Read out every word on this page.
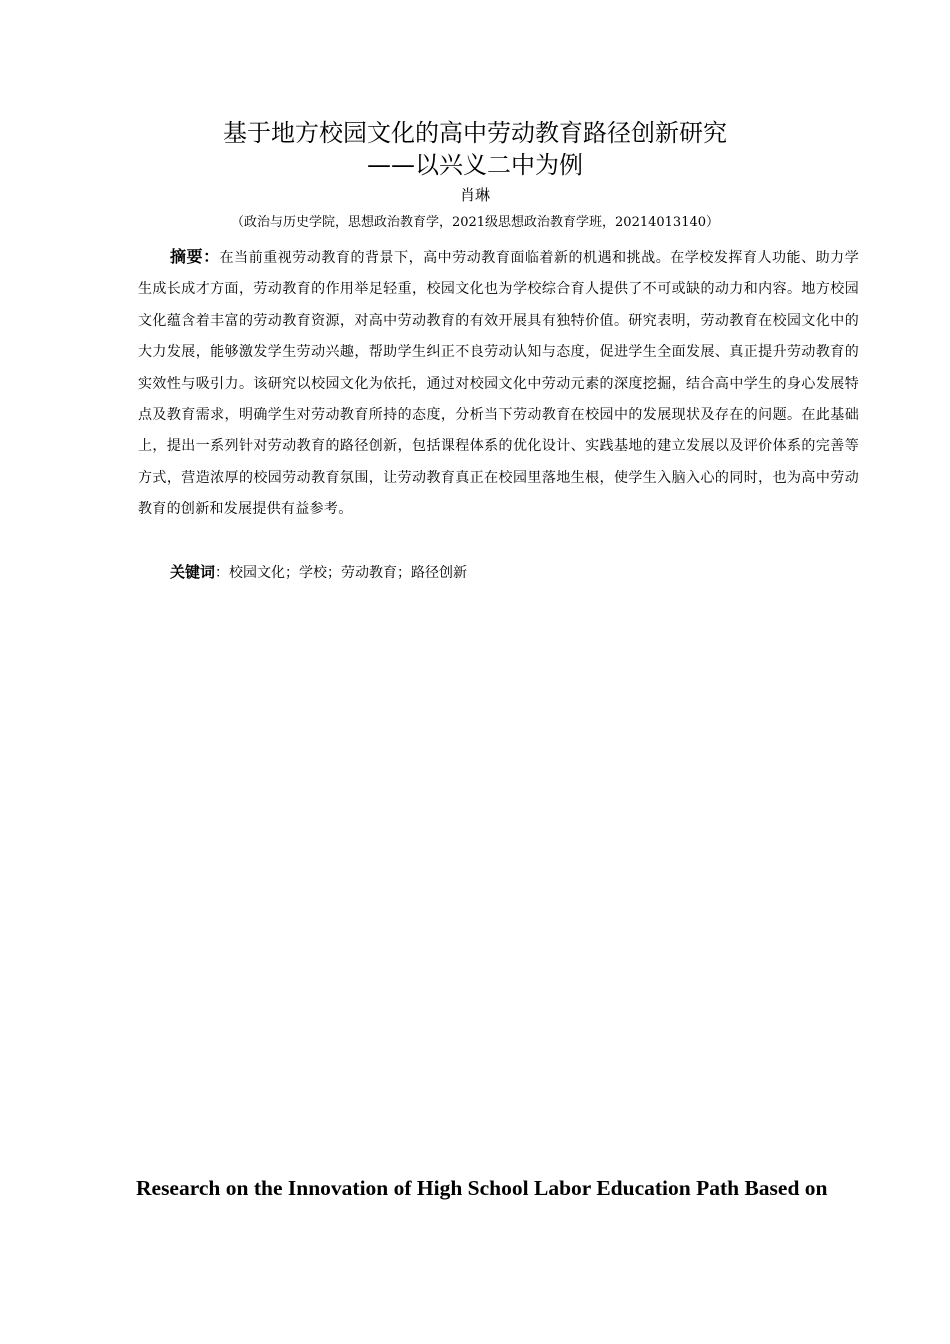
基于地方校园文化的高中劳动教育路径创新研究
——以兴义二中为例
肖琳
（政治与历史学院，思想政治教育学，2021级思想政治教育学班，20214013140）
摘要：在当前重视劳动教育的背景下，高中劳动教育面临着新的机遇和挑战。在学校发挥育人功能、助力学生成长成才方面，劳动教育的作用举足轻重，校园文化也为学校综合育人提供了不可或缺的动力和内容。地方校园文化蕴含着丰富的劳动教育资源，对高中劳动教育的有效开展具有独特价值。研究表明，劳动教育在校园文化中的大力发展，能够激发学生劳动兴趣，帮助学生纠正不良劳动认知与态度，促进学生全面发展、真正提升劳动教育的实效性与吸引力。该研究以校园文化为依托，通过对校园文化中劳动元素的深度挖掘，结合高中学生的身心发展特点及教育需求，明确学生对劳动教育所持的态度，分析当下劳动教育在校园中的发展现状及存在的问题。在此基础上，提出一系列针对劳动教育的路径创新，包括课程体系的优化设计、实践基地的建立发展以及评价体系的完善等方式，营造浓厚的校园劳动教育氛围，让劳动教育真正在校园里落地生根，使学生入脑入心的同时，也为高中劳动教育的创新和发展提供有益参考。
关键词：校园文化；学校；劳动教育；路径创新
Research on the Innovation of High School Labor Education Path Based on
